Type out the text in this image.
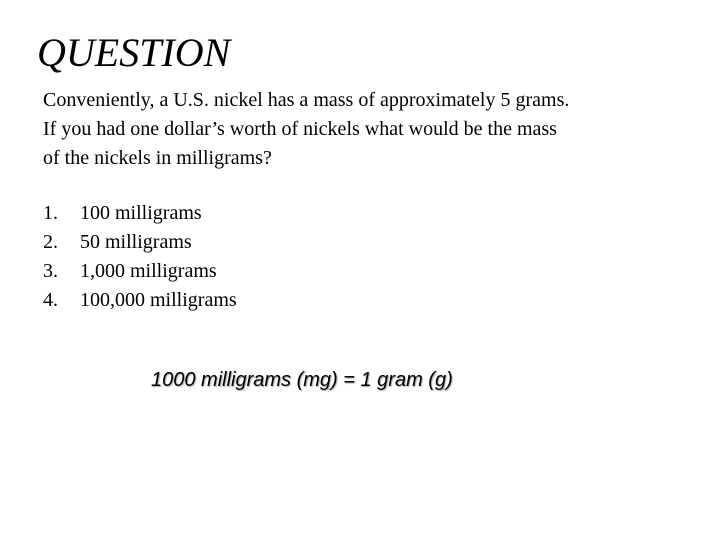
QUESTION
Conveniently, a U.S. nickel has a mass of approximately 5 grams.
If you had one dollar’s worth of nickels what would be the mass
of the nickels in milligrams?
1.	100 milligrams
2.	50 milligrams
3.	1,000 milligrams
4.	100,000 milligrams
1000 milligrams (mg) = 1 gram (g)
